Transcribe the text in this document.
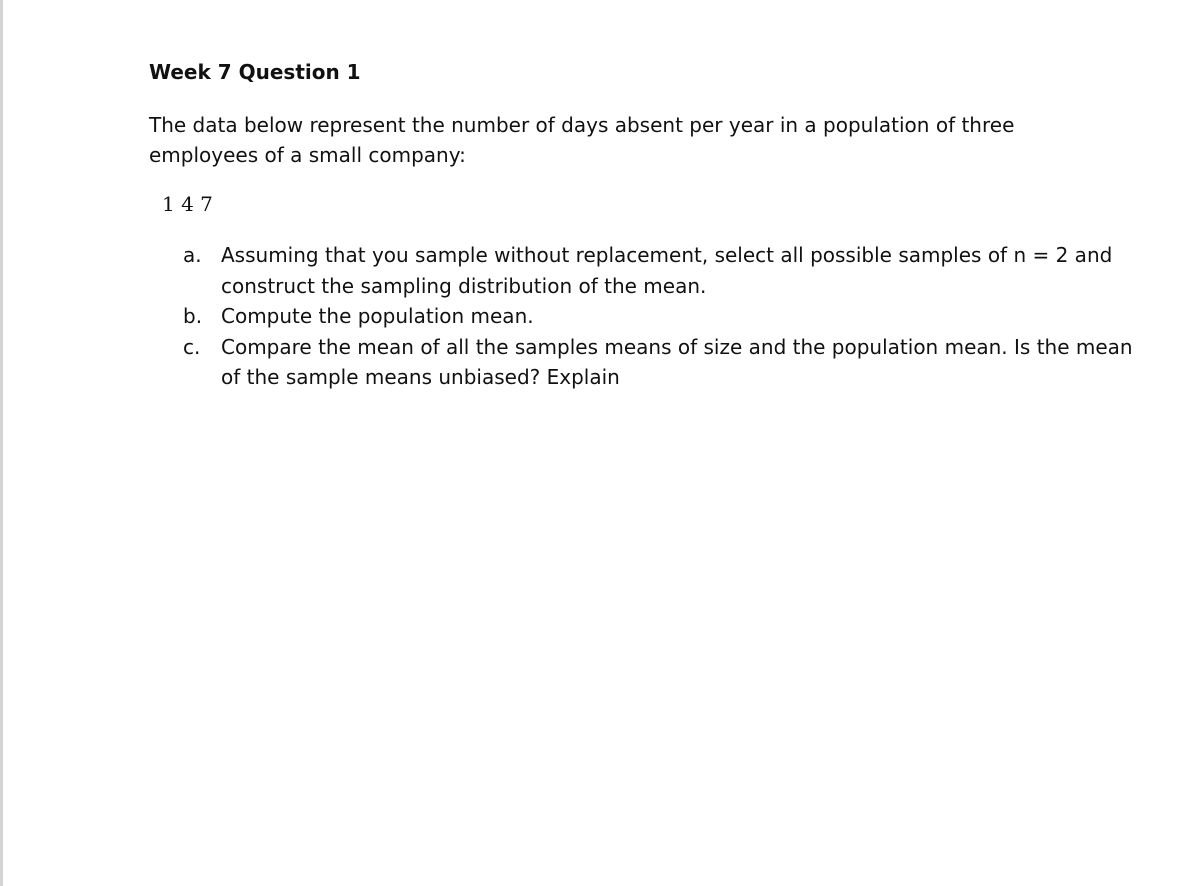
Week 7 Question 1

The data below represent the number of days absent per year in a population of three employees of a small company:

1 4 7
a. Assuming that you sample without replacement, select all possible samples of n = 2 and construct the sampling distribution of the mean.
b. Compute the population mean.
c. Compare the mean of all the samples means of size and the population mean. Is the mean of the sample means unbiased? Explain
